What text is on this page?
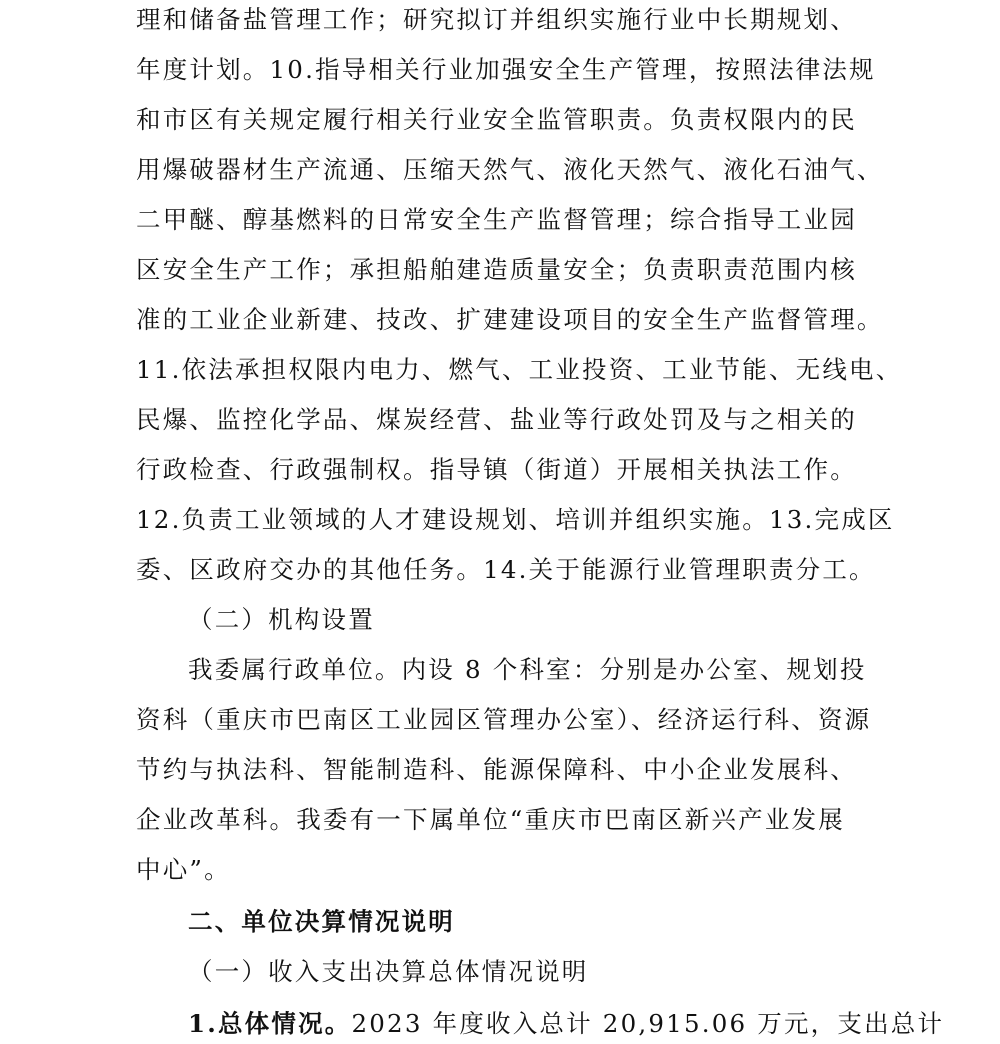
理和储备盐管理工作；研究拟订并组织实施行业中长期规划、

年度计划。10.指导相关行业加强安全生产管理，按照法律法规

和市区有关规定履行相关行业安全监管职责。负责权限内的民

用爆破器材生产流通、压缩天然气、液化天然气、液化石油气、

二甲醚、醇基燃料的日常安全生产监督管理；综合指导工业园

区安全生产工作；承担船舶建造质量安全；负责职责范围内核

准的工业企业新建、技改、扩建建设项目的安全生产监督管理。

11.依法承担权限内电力、燃气、工业投资、工业节能、无线电、

民爆、监控化学品、煤炭经营、盐业等行政处罚及与之相关的

行政检查、行政强制权。指导镇（街道）开展相关执法工作。

12.负责工业领域的人才建设规划、培训并组织实施。13.完成区

委、区政府交办的其他任务。14.关于能源行业管理职责分工。

（二）机构设置

我委属行政单位。内设 8 个科室：分别是办公室、规划投

资科（重庆市巴南区工业园区管理办公室）、经济运行科、资源

节约与执法科、智能制造科、能源保障科、中小企业发展科、

企业改革科。我委有一下属单位“重庆市巴南区新兴产业发展

中心”。

二、单位决算情况说明

（一）收入支出决算总体情况说明

1.总体情况。2023 年度收入总计 20,915.06 万元，支出总计
